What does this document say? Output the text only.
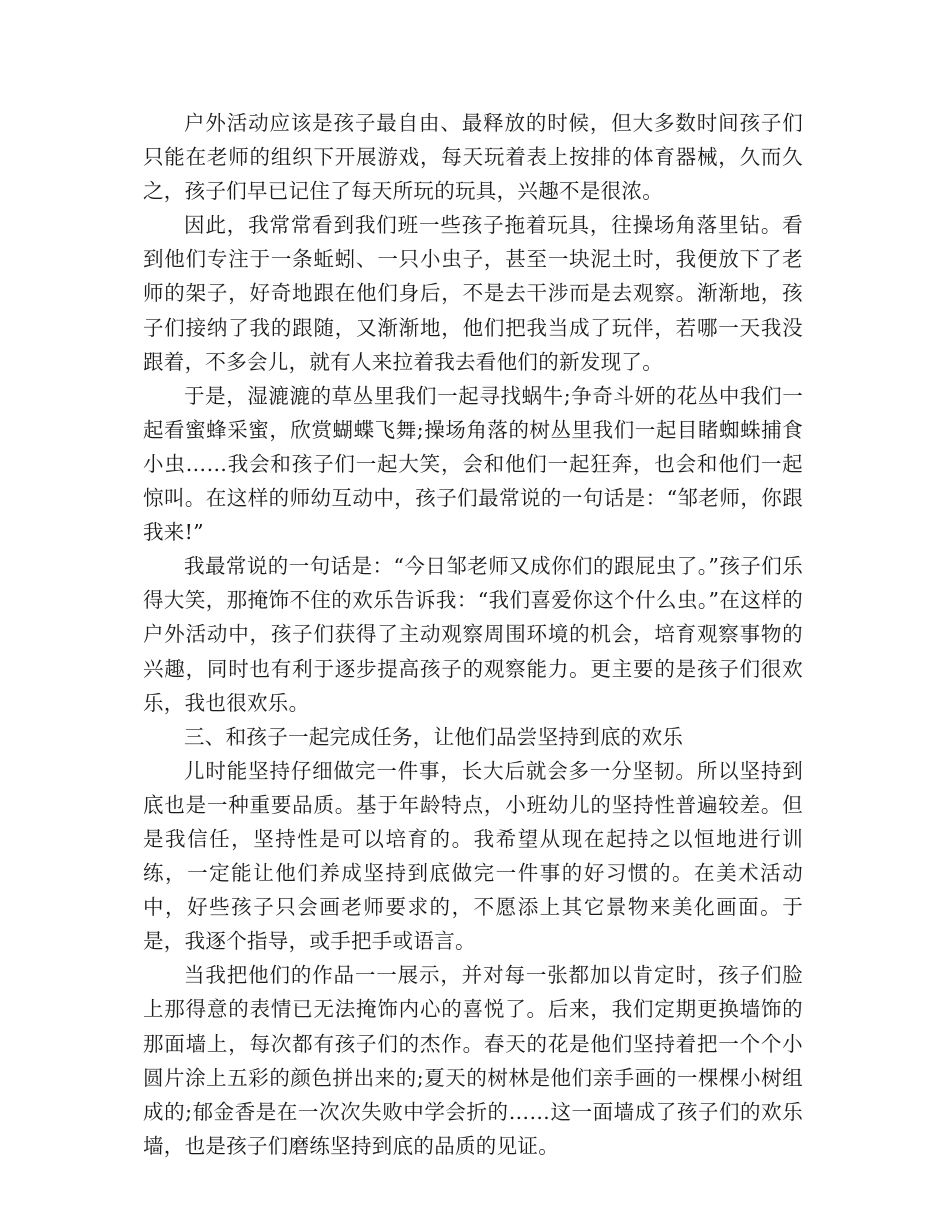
户外活动应该是孩子最自由、最释放的时候，但大多数时间孩子们只能在老师的组织下开展游戏，每天玩着表上按排的体育器械，久而久之，孩子们早已记住了每天所玩的玩具，兴趣不是很浓。

因此，我常常看到我们班一些孩子拖着玩具，往操场角落里钻。看到他们专注于一条蚯蚓、一只小虫子，甚至一块泥土时，我便放下了老师的架子，好奇地跟在他们身后，不是去干涉而是去观察。渐渐地，孩子们接纳了我的跟随，又渐渐地，他们把我当成了玩伴，若哪一天我没跟着，不多会儿，就有人来拉着我去看他们的新发现了。

于是，湿漉漉的草丛里我们一起寻找蜗牛;争奇斗妍的花丛中我们一起看蜜蜂采蜜，欣赏蝴蝶飞舞;操场角落的树丛里我们一起目睹蜘蛛捕食小虫……我会和孩子们一起大笑，会和他们一起狂奔，也会和他们一起惊叫。在这样的师幼互动中，孩子们最常说的一句话是：“邹老师，你跟我来!”

我最常说的一句话是：“今日邹老师又成你们的跟屁虫了。”孩子们乐得大笑，那掩饰不住的欢乐告诉我：“我们喜爱你这个什么虫。”在这样的户外活动中，孩子们获得了主动观察周围环境的机会，培育观察事物的兴趣，同时也有利于逐步提高孩子的观察能力。更主要的是孩子们很欢乐，我也很欢乐。

三、和孩子一起完成任务，让他们品尝坚持到底的欢乐

儿时能坚持仔细做完一件事，长大后就会多一分坚韧。所以坚持到底也是一种重要品质。基于年龄特点，小班幼儿的坚持性普遍较差。但是我信任，坚持性是可以培育的。我希望从现在起持之以恒地进行训练，一定能让他们养成坚持到底做完一件事的好习惯的。在美术活动中，好些孩子只会画老师要求的，不愿添上其它景物来美化画面。于是，我逐个指导，或手把手或语言。

当我把他们的作品一一展示，并对每一张都加以肯定时，孩子们脸上那得意的表情已无法掩饰内心的喜悦了。后来，我们定期更换墙饰的那面墙上，每次都有孩子们的杰作。春天的花是他们坚持着把一个个小圆片涂上五彩的颜色拼出来的;夏天的树林是他们亲手画的一棵棵小树组成的;郁金香是在一次次失败中学会折的……这一面墙成了孩子们的欢乐墙，也是孩子们磨练坚持到底的品质的见证。
